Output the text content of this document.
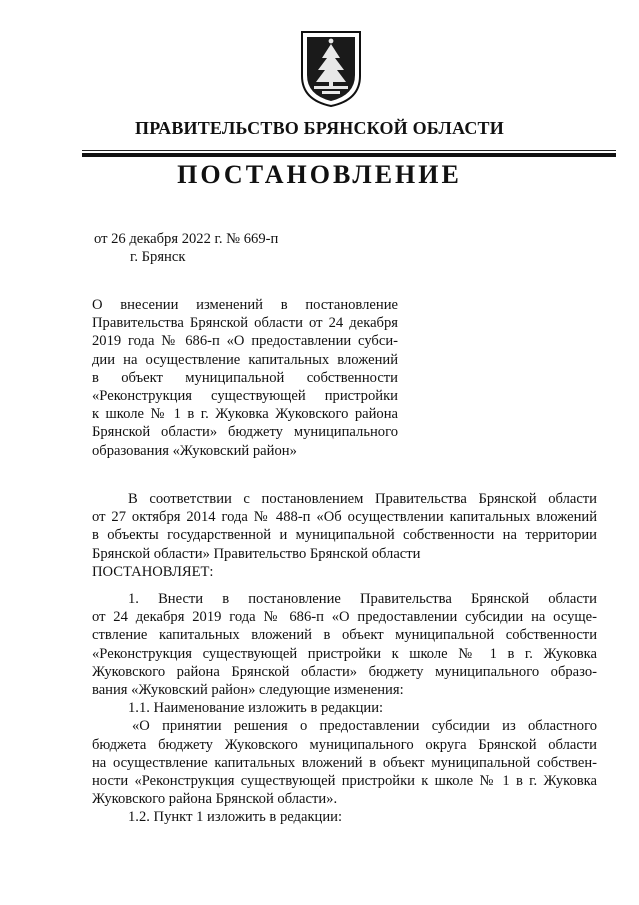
ПРАВИТЕЛЬСТВО БРЯНСКОЙ ОБЛАСТИ
ПОСТАНОВЛЕНИЕ
от 26 декабря 2022 г. № 669-п
г. Брянск
О внесении изменений в постановление
Правительства Брянской области от 24 декабря
2019 года № 686-п «О предоставлении субси-
дии на осуществление капитальных вложений
в объект муниципальной собственности
«Реконструкция существующей пристройки
к школе № 1 в г. Жуковка Жуковского района
Брянской области» бюджету муниципального
образования «Жуковский район»
В соответствии с постановлением Правительства Брянской области
от 27 октября 2014 года № 488-п «Об осуществлении капитальных вложений
в объекты государственной и муниципальной собственности на территории
Брянской области» Правительство Брянской области
ПОСТАНОВЛЯЕТ:
1. Внести в постановление Правительства Брянской области
от 24 декабря 2019 года № 686-п «О предоставлении субсидии на осуще-
ствление капитальных вложений в объект муниципальной собственности
«Реконструкция существующей пристройки к школе № 1 в г. Жуковка
Жуковского района Брянской области» бюджету муниципального образо-
вания «Жуковский район» следующие изменения:
1.1. Наименование изложить в редакции:
«О принятии решения о предоставлении субсидии из областного
бюджета бюджету Жуковского муниципального округа Брянской области
на осуществление капитальных вложений в объект муниципальной собствен-
ности «Реконструкция существующей пристройки к школе № 1 в г. Жуковка
Жуковского района Брянской области».
1.2. Пункт 1 изложить в редакции:
